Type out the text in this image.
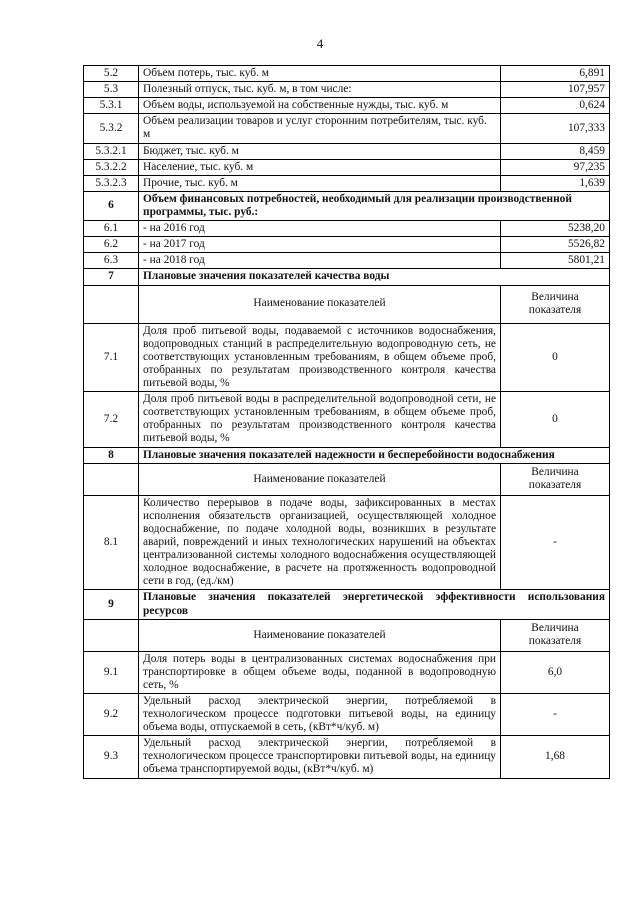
4
5.2	Объем потерь, тыс. куб. м	6,891
5.3	Полезный отпуск, тыс. куб. м, в том числе:	107,957
5.3.1	Объем воды, используемой на собственные нужды, тыс. куб. м	0,624
5.3.2	Объем реализации товаров и услуг сторонним потребителям, тыс. куб. м	107,333
5.3.2.1	Бюджет, тыс. куб. м	8,459
5.3.2.2	Население, тыс. куб. м	97,235
5.3.2.3	Прочие, тыс. куб. м	1,639
6	Объем финансовых потребностей, необходимый для реализации производственной программы, тыс. руб.:	
6.1	- на 2016 год	5238,20
6.2	- на 2017 год	5526,82
6.3	- на 2018 год	5801,21
7	Плановые значения показателей качества воды	
	Наименование показателей	Величина показателя
7.1	Доля проб питьевой воды, подаваемой с источников водоснабжения, водопроводных станций в распределительную водопроводную сеть, не соответствующих установленным требованиям, в общем объеме проб, отобранных по результатам производственного контроля качества питьевой воды, %	0
7.2	Доля проб питьевой воды в распределительной водопроводной сети, не соответствующих установленным требованиям, в общем объеме проб, отобранных по результатам производственного контроля качества питьевой воды, %	0
8	Плановые значения показателей надежности и бесперебойности водоснабжения	
	Наименование показателей	Величина показателя
8.1	Количество перерывов в подаче воды, зафиксированных в местах исполнения обязательств организацией, осуществляющей холодное водоснабжение, по подаче холодной воды, возникших в результате аварий, повреждений и иных технологических нарушений на объектах централизованной системы холодного водоснабжения осуществляющей холодное водоснабжение, в расчете на протяженность водопроводной сети в год, (ед./км)	-
9	Плановые значения показателей энергетической эффективности использования ресурсов	
	Наименование показателей	Величина показателя
9.1	Доля потерь воды в централизованных системах водоснабжения при транспортировке в общем объеме воды, поданной в водопроводную сеть, %	6,0
9.2	Удельный расход электрической энергии, потребляемой в технологическом процессе подготовки питьевой воды, на единицу объема воды, отпускаемой в сеть, (кВт*ч/куб. м)	-
9.3	Удельный расход электрической энергии, потребляемой в технологическом процессе транспортировки питьевой воды, на единицу объема транспортируемой воды, (кВт*ч/куб. м)	1,68
